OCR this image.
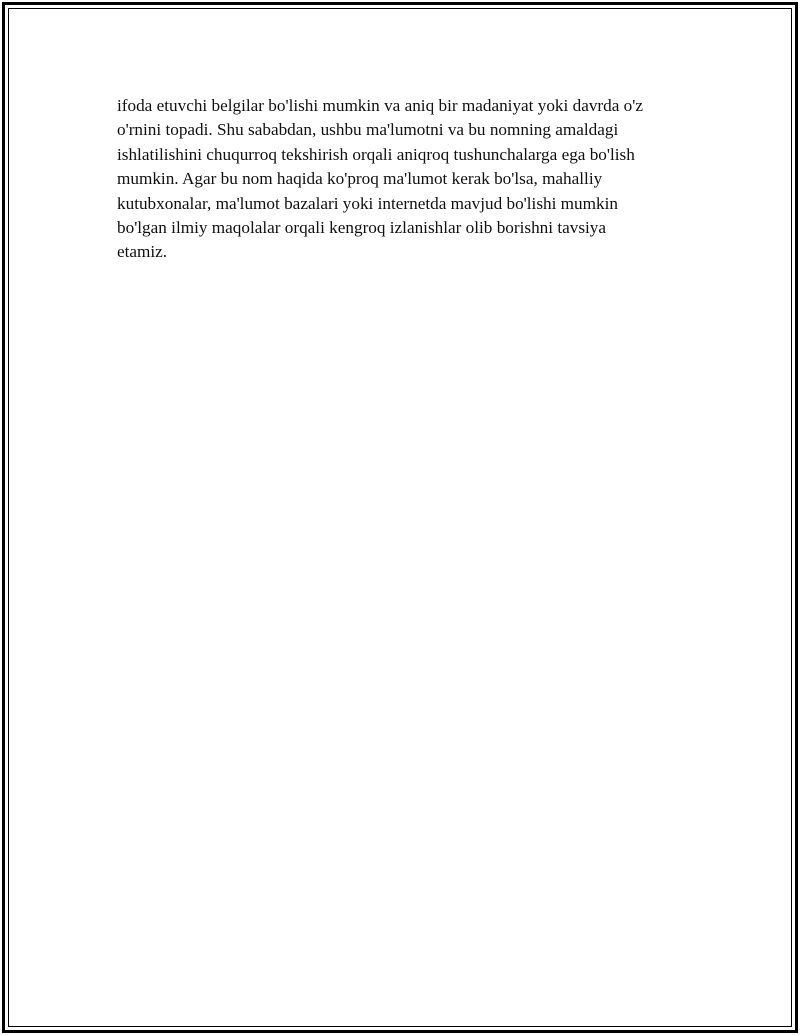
ifoda etuvchi belgilar bo'lishi mumkin va aniq bir madaniyat yoki davrda o'z
o'rnini topadi. Shu sababdan, ushbu ma'lumotni va bu nomning amaldagi
ishlatilishini chuqurroq tekshirish orqali aniqroq tushunchalarga ega bo'lish
mumkin. Agar bu nom haqida ko'proq ma'lumot kerak bo'lsa, mahalliy
kutubxonalar, ma'lumot bazalari yoki internetda mavjud bo'lishi mumkin
bo'lgan ilmiy maqolalar orqali kengroq izlanishlar olib borishni tavsiya
etamiz.
